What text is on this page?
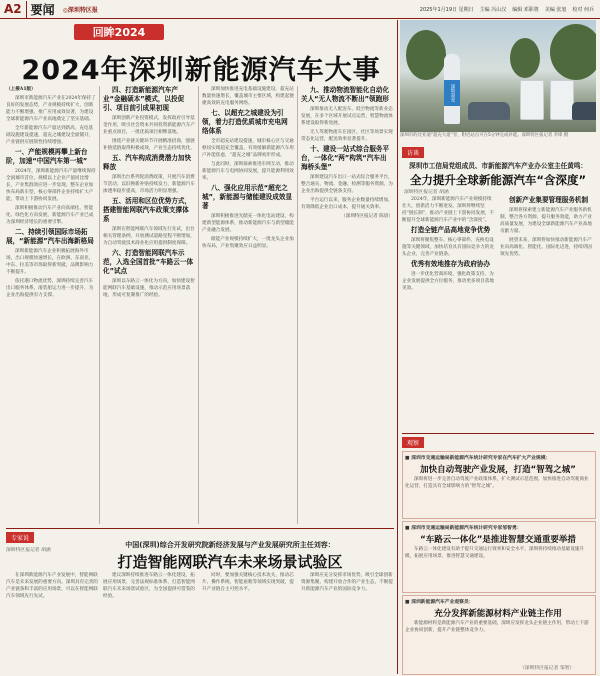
A2 要闻 ◎深圳特区报	2025年1月19日 星期日 主编 冯山汉 编辑 邓职将 美编 张旭 校对 何兵
回眸2024
2024年深圳新能源汽车大事

（上接A1版）

深圳市新能源汽车产业在2024年保持了良好的发展态势，产业规模持续扩大，创新能力不断增强，推广应用成效显著，为建设全球新能源汽车产业高地奠定了坚实基础。

全年新能源汽车产量达到新高，充电基础设施建设提速，超充之城建设全面铺开，产业链供应链韧性持续增强。

一、产能规模再攀上新台阶，加速“中国汽车第一城”

2024年，深圳新能源汽车产量继续保持全国城市首位，规模以上企业产值同比增长，产业集群效应进一步显现。整车企业加快布局新车型，核心零部件企业持续扩大产能，带动上下游协同发展。

深圳积极推动汽车产业向高端化、智能化、绿色化方向发展，新能源汽车产业已成为深圳经济增长的重要引擎。

二、持续引领国际市场拓展，“新能源”汽车出海新格局

深圳新能源汽车企业积极拓展海外市场，出口规模快速增长，在欧洲、东南亚、中东、拉美等市场取得新突破，品牌影响力不断提升。

依托港口物流优势，深圳持续完善汽车出口服务体系，滚装船运力进一步提升，为企业出海提供有力支撑。

四、打造新能源汽车产业“金融硕本”模式，以投促引、项目前引成果初现

深圳创新产业投资模式，发挥政府引导基金作用，吸引社会资本共同投资新能源汽车产业重点项目，一批优质项目相继落地。

围绕产业链关键环节开展精准招商，强链补链延链取得积极成效，产业生态持续优化。

五、汽车构成消费潜力加快释放

深圳出台系列促消费政策，开展汽车消费节活动，以旧换新补贴持续发力，新能源汽车渗透率稳步提高，市场活力明显增强。

五、活用和区位优势方式，搭建智能网联汽车政策支撑体系

深圳在智能网联汽车领域先行先试，出台相关管理条例，开放测试道路里程不断增加，为自动驾驶技术商业化应用提供制度保障。

六、打造智能网联汽车示范，入选全国首批“车路云一体化”试点

深圳以车路云一体化为方向，加快建设智能网联汽车基础设施，推动示范应用场景落地，形成可复制推广的经验。

深圳加快推进充电基础设施建设，超充站数量快速增长，覆盖城市主要区域，构建起便捷高效的充电服务网络。

七、以超充之城建设为引领，着力打造优质城市充电网络体系

全市超充站建设提速，城市核心区与交通枢纽实现超充全覆盖，有效缓解新能源汽车用户补能焦虑，“超充之城”品牌初步形成。

与此同时，深圳探索推进车网互动，推动新能源汽车与电网协同发展，提升能源利用效率。

八、强化应用示范“超充之城”，新能源与储能建设成效显著

深圳积极推进光储充一体化电站建设，构建新型能源体系，推动新能源汽车与新型储能产业融合发展。

储能产业规模持续扩大，一批龙头企业加快布局，产业集聚效应日益明显。

九、推动物流智能化自动化关人“无人物流不断出”领跑形

深圳推动无人配送车、低空物流等新业态发展，在多个区域开展试点运营，智慧物流体系建设取得新进展。

无人驾驶物流车在园区、社区等场景实现常态化运营，配送效率显著提升。

十、建设一站式综合服务平台，一体化“两”构筑“汽车出海桥头堡”

深圳建设汽车出口一站式综合服务平台，整合通关、物流、金融、检测等服务资源，为企业出海提供全链条支持。

平台运行以来，服务企业数量持续增加，有效降低企业出口成本，提升通关效率。

（深圳特区报记者 陈晨）

专家说
深圳特区报记者 胡涵
中国(深圳)综合开发研究院新经济发展与产业发展研究所主任刘容：
打造智能网联汽车未来场景试验区

在深圳新能源汽车产业发展中，智能网联汽车是未来发展的重要方向。深圳具有完善的产业链条和丰富的应用场景，可以在智能网联汽车领域先行先试。

建议深圳持续推进车路云一体化建设，拓展应用场景，完善法规标准体系，打造智能网联汽车未来场景试验区，为全国提供可借鉴的经验。

同时，要加强关键核心技术攻关，推动芯片、操作系统、智能座舱等领域实现突破，提升产业链自主可控水平。

深圳应充分发挥市场优势，吸引全球创新资源集聚，构建开放合作的产业生态，不断提升新能源汽车产业的国际竞争力。

深圳超充
深圳市的比亚迪“超充大道”旁，附近站点可在5分钟完成补能。深圳特区报记者 李锋 摄
访谈
深圳市工信局党组成员、市新能源汽车产业办公室主任黄鸣：
全力提升全球新能源汽车“含深度”
深圳特区报记者 胡涵

2024年，深圳新能源汽车产业规模持续壮大，创新活力不断迸发。深圳将继续坚持“链长制”，推动产业链上下游协同发展，不断提升全球新能源汽车产业中的“含深度”。

打造全链产品高地竞争优势

深圳将聚焦整车、核心零部件、充换电设施等关键领域，加快培育具有国际竞争力的龙头企业，完善产业链条。

优秀有效地推存为政府协办

进一步优化营商环境，强化政策支持，为企业发展提供全方位服务，推动更多项目落地见效。

创新产业集要管理服务机制

深圳将探索建立新能源汽车产业服务新机制，整合各方资源，提升服务效能，助力产业高质量发展，为建设全球新能源汽车产业高地贡献力量。

展望未来，深圳将加快推动新能源汽车产业向高端化、智能化、国际化迈进，持续巩固领先优势。

观察
■ 深圳市交通运输局新能源汽车统计研究专家在汽车扩大产业规模：
加快自动驾驶产业发展，打造“智驾之城”

深圳将进一步完善自动驾驶产业政策体系，扩大测试示范范围，加快推进自动驾驶商业化运营，打造具有全球影响力的“智驾之城”。

■ 深圳市交通运输局新能源汽车统计研究专家邹智勇：
“车路云一体化”是推进智慧交通重要举措

车路云一体化建设有助于提升交通运行效率和安全水平，深圳将持续推动基础设施升级，拓展应用场景，推进智慧交通建设。

■ 深圳新能源汽车产业观察员：
充分发挥新能源材料产业链主作用

新能源材料是新能源汽车产业的重要基础，深圳应发挥龙头企业链主作用，带动上下游企业协同创新，提升产业链整体竞争力。

（深圳特区报记者 邹智）
